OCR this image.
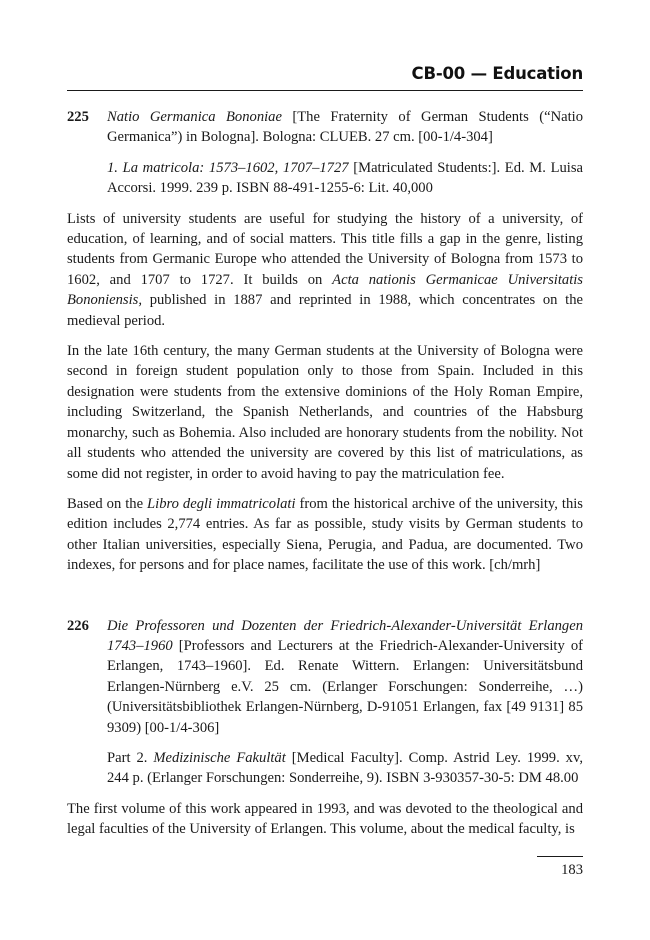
CB-00 — Education
225 Natio Germanica Bononiae [The Fraternity of German Students (“Natio Germanica”) in Bologna]. Bologna: CLUEB. 27 cm. [00-1/4-304]

1. La matricola: 1573–1602, 1707–1727 [Matriculated Students:]. Ed. M. Luisa Accorsi. 1999. 239 p. ISBN 88-491-1255-6: Lit. 40,000

Lists of university students are useful for studying the history of a university, of education, of learning, and of social matters. This title fills a gap in the genre, listing students from Germanic Europe who attended the University of Bologna from 1573 to 1602, and 1707 to 1727. It builds on Acta nationis Germanicae Universitatis Bononiensis, published in 1887 and reprinted in 1988, which concentrates on the medieval period.

In the late 16th century, the many German students at the University of Bologna were second in foreign student population only to those from Spain. Included in this designation were students from the extensive dominions of the Holy Roman Empire, including Switzerland, the Spanish Netherlands, and countries of the Habsburg monarchy, such as Bohemia. Also included are honorary students from the nobility. Not all students who attended the university are covered by this list of matriculations, as some did not register, in order to avoid having to pay the matriculation fee.

Based on the Libro degli immatricolati from the historical archive of the university, this edition includes 2,774 entries. As far as possible, study visits by German students to other Italian universities, especially Siena, Perugia, and Padua, are documented. Two indexes, for persons and for place names, facilitate the use of this work. [ch/mrh]

226 Die Professoren und Dozenten der Friedrich-Alexander-Universität Erlangen 1743–1960 [Professors and Lecturers at the Friedrich-Alexander-University of Erlangen, 1743–1960]. Ed. Renate Wittern. Erlangen: Universitätsbund Erlangen-Nürnberg e.V. 25 cm. (Erlanger Forschungen: Sonderreihe, …) (Universitätsbibliothek Erlangen-Nürnberg, D-91051 Erlangen, fax [49 9131] 85 9309) [00-1/4-306]

Part 2. Medizinische Fakultät [Medical Faculty]. Comp. Astrid Ley. 1999. xv, 244 p. (Erlanger Forschungen: Sonderreihe, 9). ISBN 3-930357-30-5: DM 48.00

The first volume of this work appeared in 1993, and was devoted to the theological and legal faculties of the University of Erlangen. This volume, about the medical faculty, is

183
